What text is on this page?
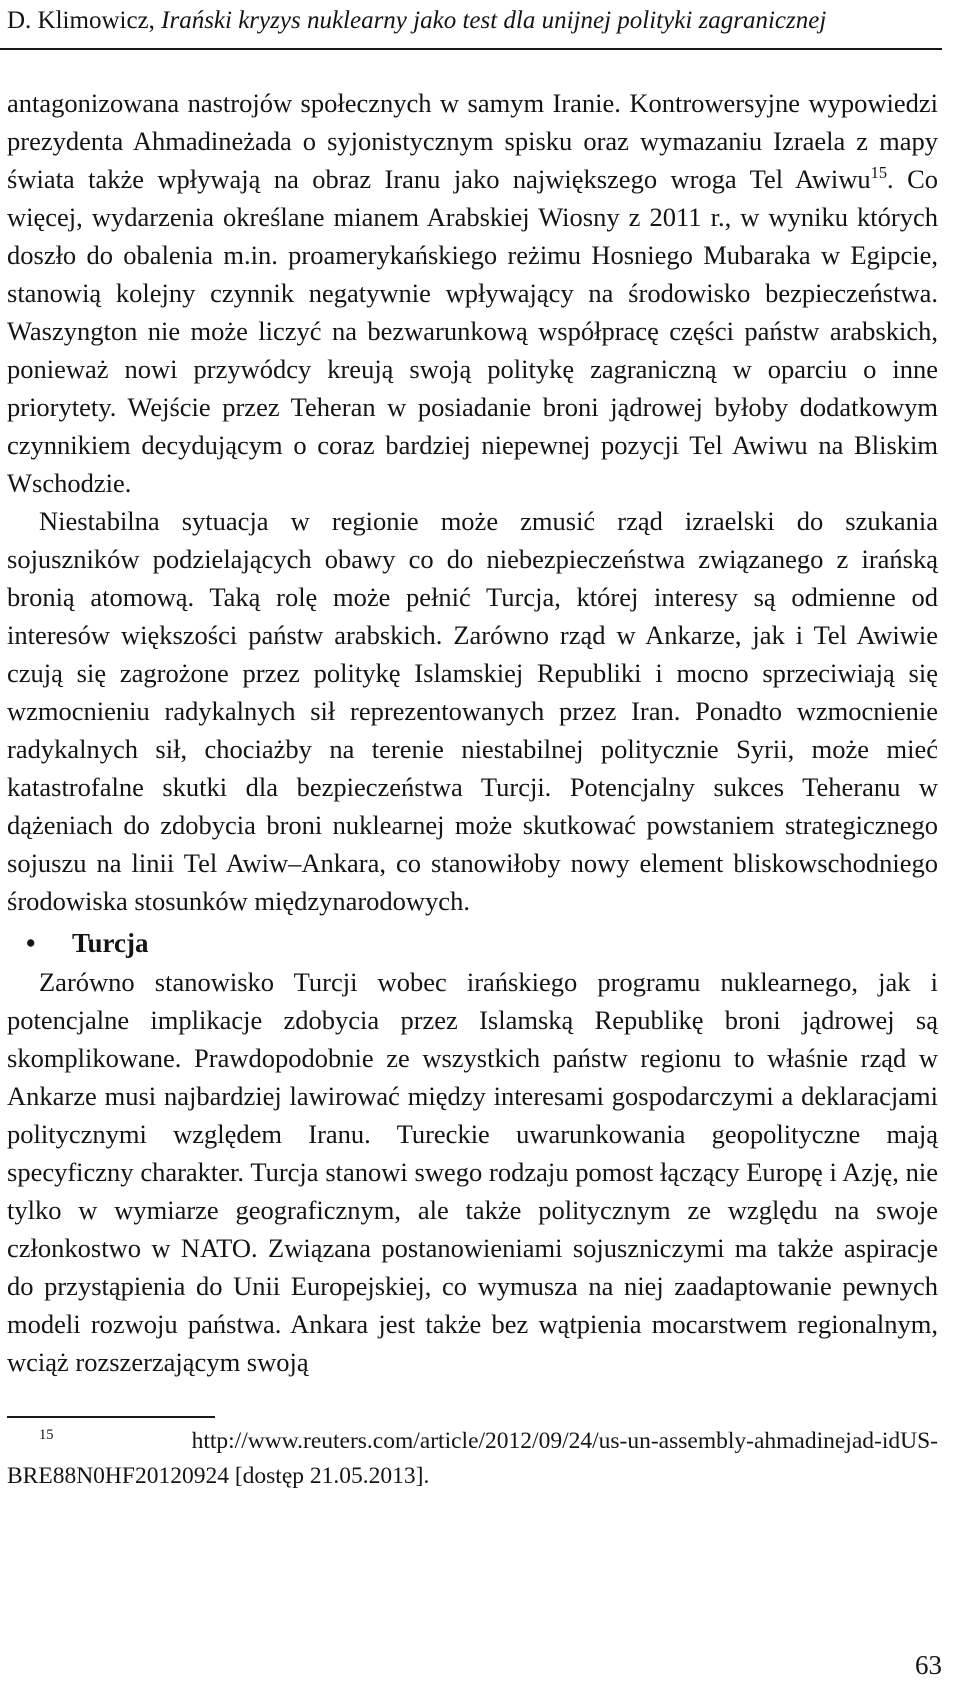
D. Klimowicz, Irański kryzys nuklearny jako test dla unijnej polityki zagranicznej

antagonizowana nastrojów społecznych w samym Iranie. Kontrowersyjne wypowiedzi prezydenta Ahmadineżada o syjonistycznym spisku oraz wymazaniu Izraela z mapy świata także wpływają na obraz Iranu jako największego wroga Tel Awiwu$^{15}$. Co więcej, wydarzenia określane mianem Arabskiej Wiosny z 2011 r., w wyniku których doszło do obalenia m.in. proamerykańskiego reżimu Hosniego Mubaraka w Egipcie, stanowią kolejny czynnik negatywnie wpływający na środowisko bezpieczeństwa. Waszyngton nie może liczyć na bezwarunkową współpracę części państw arabskich, ponieważ nowi przywódcy kreują swoją politykę zagraniczną w oparciu o inne priorytety. Wejście przez Teheran w posiadanie broni jądrowej byłoby dodatkowym czynnikiem decydującym o coraz bardziej niepewnej pozycji Tel Awiwu na Bliskim Wschodzie.

Niestabilna sytuacja w regionie może zmusić rząd izraelski do szukania sojuszników podzielających obawy co do niebezpieczeństwa związanego z irańską bronią atomową. Taką rolę może pełnić Turcja, której interesy są odmienne od interesów większości państw arabskich. Zarówno rząd w Ankarze, jak i Tel Awiwie czują się zagrożone przez politykę Islamskiej Republiki i mocno sprzeciwiają się wzmocnieniu radykalnych sił reprezentowanych przez Iran. Ponadto wzmocnienie radykalnych sił, chociażby na terenie niestabilnej politycznie Syrii, może mieć katastrofalne skutki dla bezpieczeństwa Turcji. Potencjalny sukces Teheranu w dążeniach do zdobycia broni nuklearnej może skutkować powstaniem strategicznego sojuszu na linii Tel Awiw–Ankara, co stanowiłoby nowy element bliskowschodniego środowiska stosunków międzynarodowych.

• Turcja

Zarówno stanowisko Turcji wobec irańskiego programu nuklearnego, jak i potencjalne implikacje zdobycia przez Islamską Republikę broni jądrowej są skomplikowane. Prawdopodobnie ze wszystkich państw regionu to właśnie rząd w Ankarze musi najbardziej lawirować między interesami gospodarczymi a deklaracjami politycznymi względem Iranu. Tureckie uwarunkowania geopolityczne mają specyficzny charakter. Turcja stanowi swego rodzaju pomost łączący Europę i Azję, nie tylko w wymiarze geograficznym, ale także politycznym ze względu na swoje członkostwo w NATO. Związana postanowieniami sojuszniczymi ma także aspiracje do przystąpienia do Unii Europejskiej, co wymusza na niej zaadaptowanie pewnych modeli rozwoju państwa. Ankara jest także bez wątpienia mocarstwem regionalnym, wciąż rozszerzającym swoją

$^{15}$ http://www.reuters.com/article/2012/09/24/us-un-assembly-ahmadinejad-idUSBRE88N0HF20120924 [dostęp 21.05.2013].

63
